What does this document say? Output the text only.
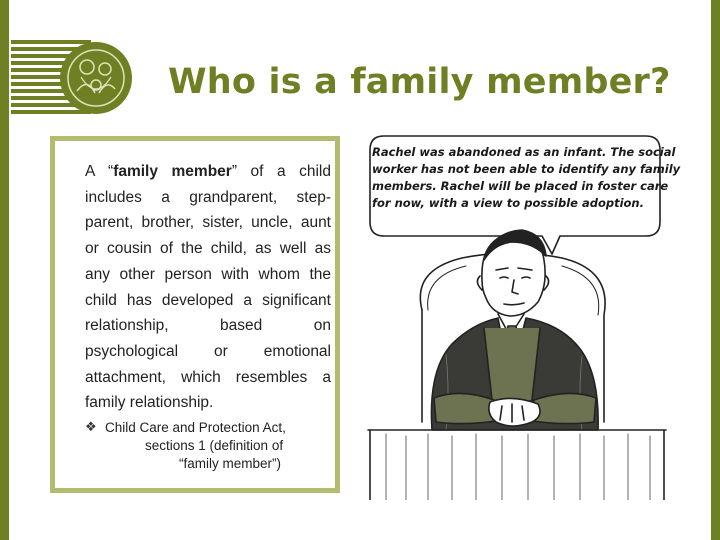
Who is a family member?

A “family member” of a child includes a grandparent, step-parent, brother, sister, uncle, aunt or cousin of the child, as well as any other person with whom the child has developed a significant relationship, based on psychological or emotional attachment, which resembles a family relationship.

❖ Child Care and Protection Act,
sections 1 (definition of
“family member”)
Rachel was abandoned as an infant. The social
worker has not been able to identify any family
members. Rachel will be placed in foster care
for now, with a view to possible adoption.
